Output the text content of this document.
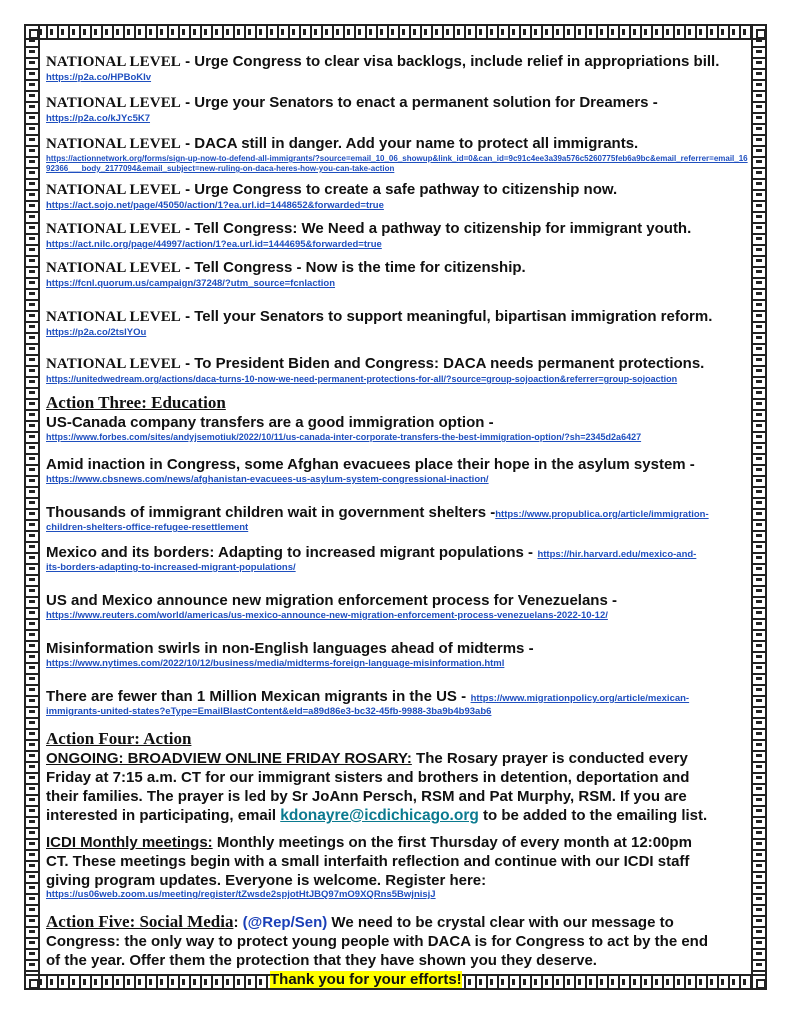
NATIONAL LEVEL - Urge Congress to clear visa backlogs, include relief in appropriations bill.
https://p2a.co/HPBoKIv
NATIONAL LEVEL - Urge your Senators to enact a permanent solution for Dreamers -
https://p2a.co/kJYc5K7
NATIONAL LEVEL - DACA still in danger. Add your name to protect all immigrants.
https://actionnetwork.org/forms/sign-up-now-to-defend-all-immigrants/?source=email_10_06_showup&link_id=0&can_id=9c91c4ee3a39a576c5260775feb6a9bc&email_referrer=email_1692366___body_2177094&email_subject=new-ruling-on-daca-heres-how-you-can-take-action
NATIONAL LEVEL - Urge Congress to create a safe pathway to citizenship now.
https://act.sojo.net/page/45050/action/1?ea.url.id=1448652&forwarded=true
NATIONAL LEVEL - Tell Congress: We Need a pathway to citizenship for immigrant youth.
https://act.nilc.org/page/44997/action/1?ea.url.id=1444695&forwarded=true
NATIONAL LEVEL - Tell Congress - Now is the time for citizenship.
https://fcnl.quorum.us/campaign/37248/?utm_source=fcnlaction
NATIONAL LEVEL - Tell your Senators to support meaningful, bipartisan immigration reform.
https://p2a.co/2tslYOu
NATIONAL LEVEL - To President Biden and Congress: DACA needs permanent protections.
https://unitedwedream.org/actions/daca-turns-10-now-we-need-permanent-protections-for-all/?source=group-sojoaction&referrer=group-sojoaction
Action Three: Education
US-Canada company transfers are a good immigration option -
https://www.forbes.com/sites/andyjsemotiuk/2022/10/11/us-canada-inter-corporate-transfers-the-best-immigration-option/?sh=2345d2a6427
Amid inaction in Congress, some Afghan evacuees place their hope in the asylum system -
https://www.cbsnews.com/news/afghanistan-evacuees-us-asylum-system-congressional-inaction/
Thousands of immigrant children wait in government shelters -https://www.propublica.org/article/immigration-
children-shelters-office-refugee-resettlement
Mexico and its borders: Adapting to increased migrant populations - https://hir.harvard.edu/mexico-and-
its-borders-adapting-to-increased-migrant-populations/
US and Mexico announce new migration enforcement process for Venezuelans -
https://www.reuters.com/world/americas/us-mexico-announce-new-migration-enforcement-process-venezuelans-2022-10-12/
Misinformation swirls in non-English languages ahead of midterms -
https://www.nytimes.com/2022/10/12/business/media/midterms-foreign-language-misinformation.html
There are fewer than 1 Million Mexican migrants in the US - https://www.migrationpolicy.org/article/mexican-
immigrants-united-states?eType=EmailBlastContent&eId=a89d86e3-bc32-45fb-9988-3ba9b4b93ab6
Action Four: Action
ONGOING: BROADVIEW ONLINE FRIDAY ROSARY: The Rosary prayer is conducted every
Friday at 7:15 a.m. CT for our immigrant sisters and brothers in detention, deportation and
their families. The prayer is led by Sr JoAnn Persch, RSM and Pat Murphy, RSM. If you are
interested in participating, email kdonayre@icdichicago.org to be added to the emailing list.
ICDI Monthly meetings: Monthly meetings on the first Thursday of every month at 12:00pm
CT. These meetings begin with a small interfaith reflection and continue with our ICDI staff
giving program updates. Everyone is welcome. Register here:
https://us06web.zoom.us/meeting/register/tZwsde2spjotHtJBQ97mO9XQRns5BwjnisjJ
Action Five: Social Media: (@Rep/Sen) We need to be crystal clear with our message to
Congress: the only way to protect young people with DACA is for Congress to act by the end
of the year. Offer them the protection that they have shown you they deserve.
Thank you for your efforts!
